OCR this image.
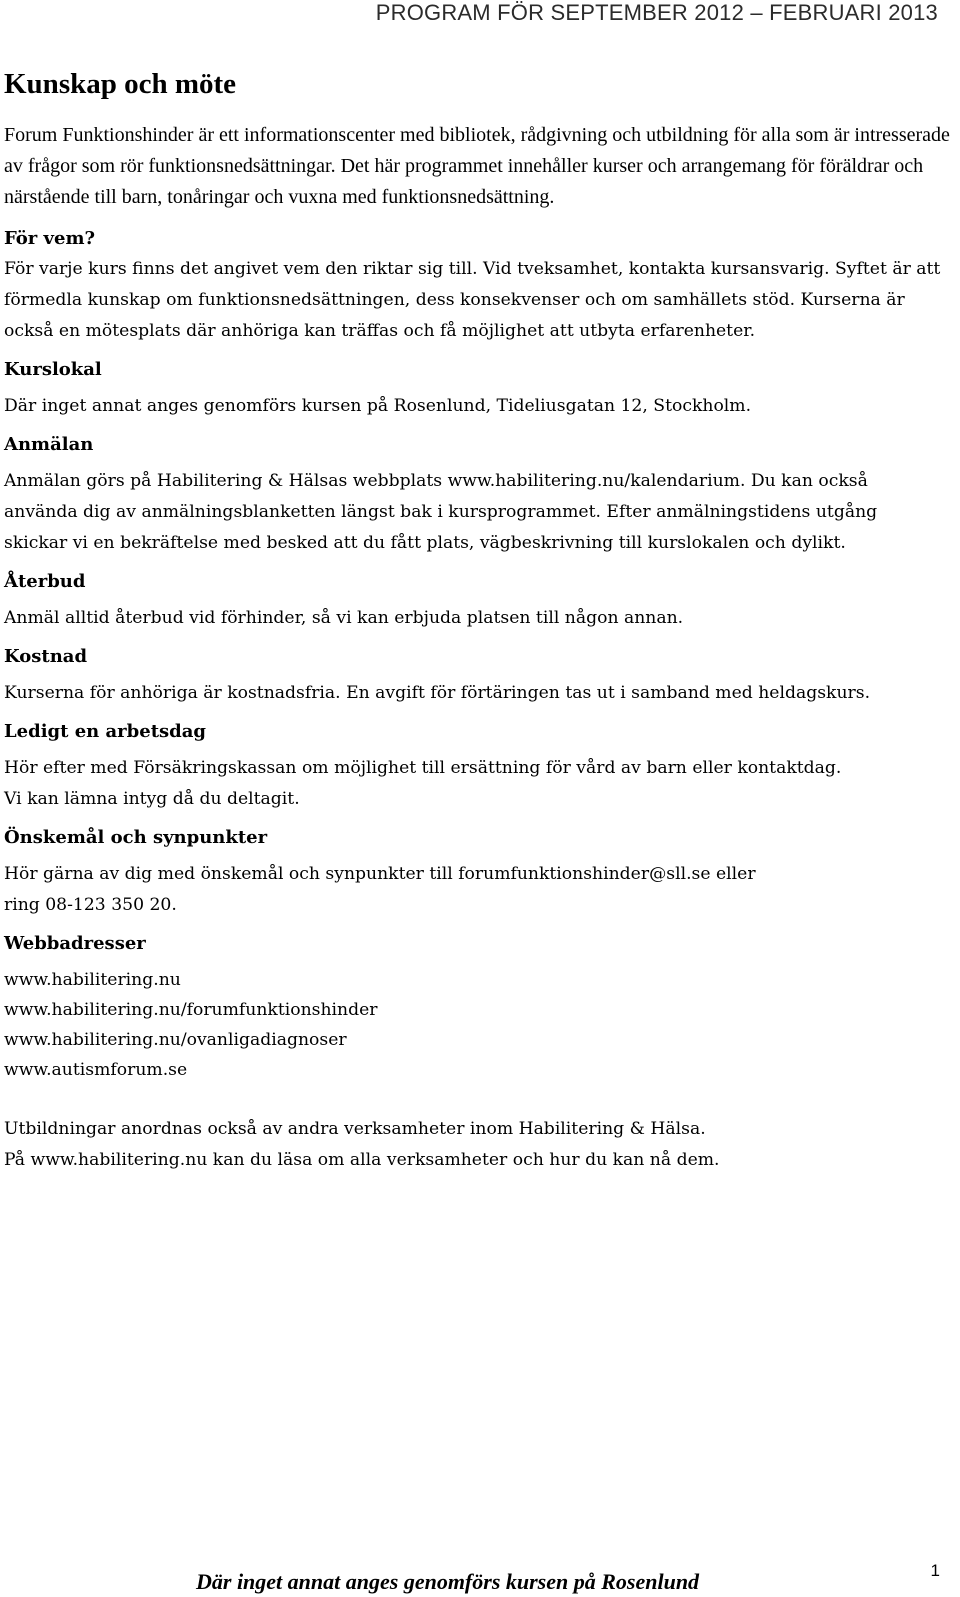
PROGRAM FÖR SEPTEMBER 2012 – FEBRUARI 2013
Kunskap och möte
Forum Funktionshinder är ett informationscenter med bibliotek, rådgivning och utbildning för alla som är intresserade av frågor som rör funktionsnedsättningar. Det här programmet innehåller kurser och arrangemang för föräldrar och närstående till barn, tonåringar och vuxna med funktionsnedsättning.
För vem?
För varje kurs finns det angivet vem den riktar sig till. Vid tveksamhet, kontakta kursansvarig. Syftet är att
förmedla kunskap om funktionsnedsättningen, dess konsekvenser och om samhällets stöd. Kurserna är
också en mötesplats där anhöriga kan träffas och få möjlighet att utbyta erfarenheter.
Kurslokal
Där inget annat anges genomförs kursen på Rosenlund, Tideliusgatan 12, Stockholm.
Anmälan
Anmälan görs på Habilitering & Hälsas webbplats www.habilitering.nu/kalendarium. Du kan också
använda dig av anmälningsblanketten längst bak i kursprogrammet. Efter anmälningstidens utgång
skickar vi en bekräftelse med besked att du fått plats, vägbeskrivning till kurslokalen och dylikt.
Återbud
Anmäl alltid återbud vid förhinder, så vi kan erbjuda platsen till någon annan.
Kostnad
Kurserna för anhöriga är kostnadsfria. En avgift för förtäringen tas ut i samband med heldagskurs.
Ledigt en arbetsdag
Hör efter med Försäkringskassan om möjlighet till ersättning för vård av barn eller kontaktdag.
Vi kan lämna intyg då du deltagit.
Önskemål och synpunkter
Hör gärna av dig med önskemål och synpunkter till forumfunktionshinder@sll.se eller
ring 08-123 350 20.
Webbadresser
www.habilitering.nu
www.habilitering.nu/forumfunktionshinder
www.habilitering.nu/ovanligadiagnoser
www.autismforum.se
Utbildningar anordnas också av andra verksamheter inom Habilitering & Hälsa.
På www.habilitering.nu kan du läsa om alla verksamheter och hur du kan nå dem.
Där inget annat anges genomförs kursen på Rosenlund	1
